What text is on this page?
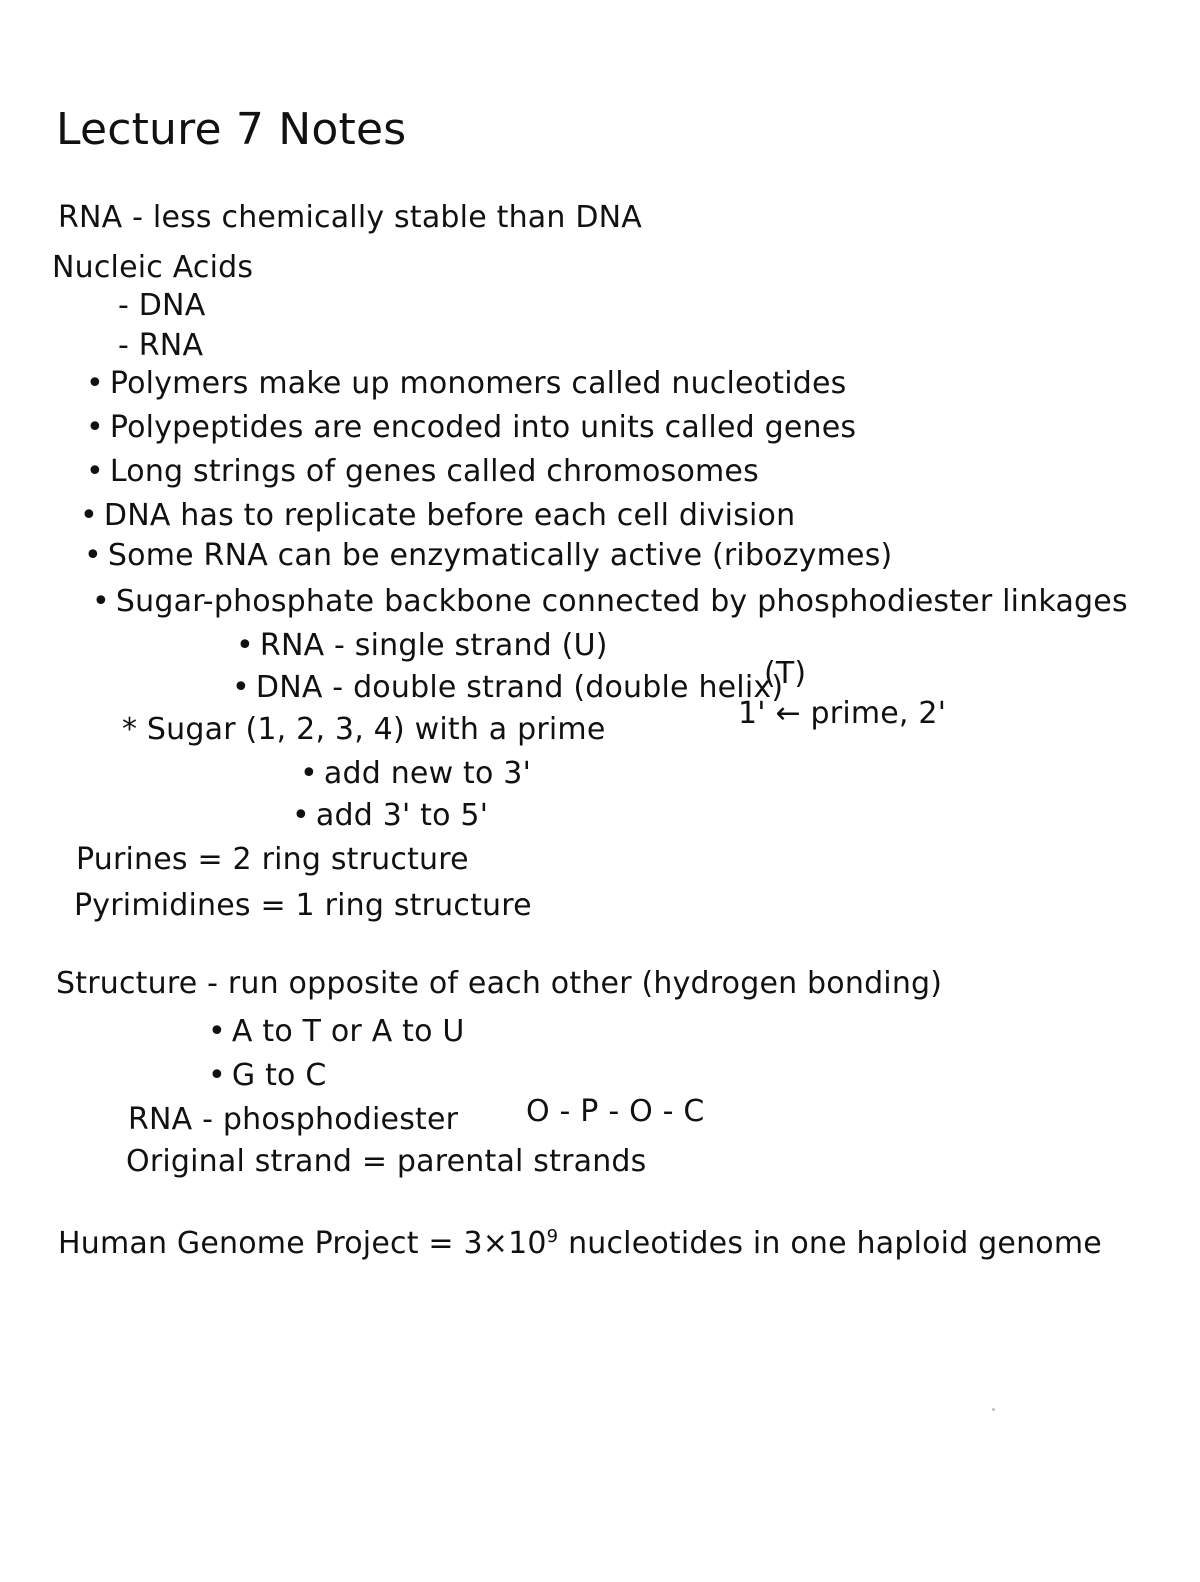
Lecture 7 Notes
RNA - less chemically stable than DNA
Nucleic Acids
- DNA
- RNA
• Polymers make up monomers called nucleotides
• Polypeptides are encoded into units called genes
• Long strings of genes called chromosomes
• DNA has to replicate before each cell division
• Some RNA can be enzymatically active (ribozymes)
• Sugar-phosphate backbone connected by phosphodiester linkages
• RNA - single strand (U)
• DNA - double strand (double helix)
(T)
* Sugar (1, 2, 3, 4) with a prime	1' ← prime, 2'
• add new to 3'
• add 3' to 5'
Purines = 2 ring structure
Pyrimidines = 1 ring structure
Structure - run opposite of each other (hydrogen bonding)
• A to T or A to U
• G to C
RNA - phosphodiester O - P - O - C
Original strand = parental strands
Human Genome Project = $3\times 10^9$ nucleotides in one haploid genome
